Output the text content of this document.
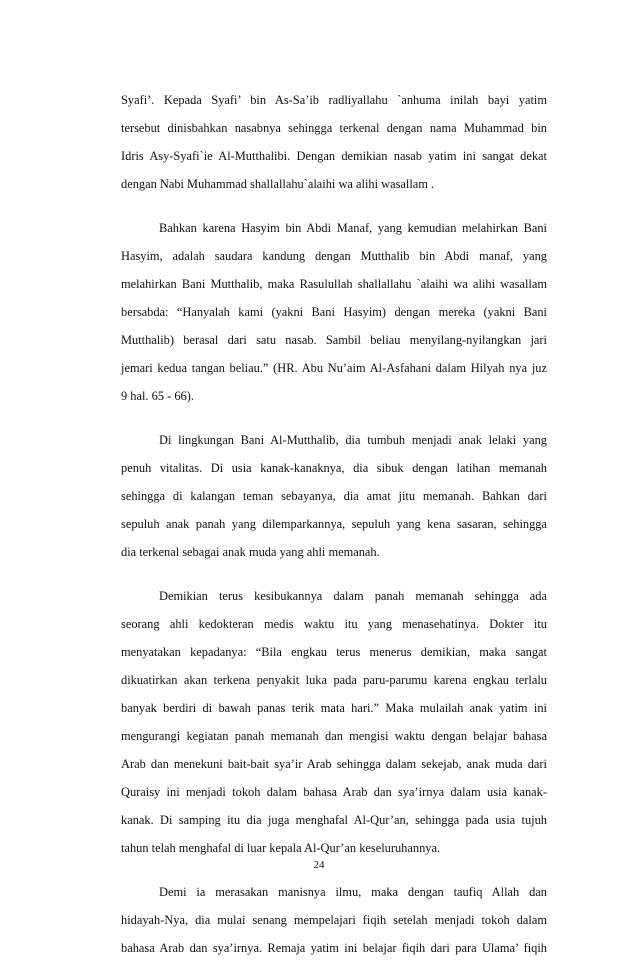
Syafi’. Kepada Syafi’ bin As-Sa’ib radliyallahu `anhuma inilah bayi yatim
tersebut dinisbahkan nasabnya sehingga terkenal dengan nama Muhammad bin
Idris Asy-Syafi`ie Al-Mutthalibi. Dengan demikian nasab yatim ini sangat dekat
dengan Nabi Muhammad shallallahu`alaihi wa alihi wasallam .

Bahkan karena Hasyim bin Abdi Manaf, yang kemudian melahirkan Bani
Hasyim, adalah saudara kandung dengan Mutthalib bin Abdi manaf, yang
melahirkan Bani Mutthalib, maka Rasulullah shallallahu `alaihi wa alihi wasallam
bersabda: “Hanyalah kami (yakni Bani Hasyim) dengan mereka (yakni Bani
Mutthalib) berasal dari satu nasab. Sambil beliau menyilang-nyilangkan jari
jemari kedua tangan beliau.” (HR. Abu Nu’aim Al-Asfahani dalam Hilyah nya juz
9 hal. 65 - 66).

Di lingkungan Bani Al-Mutthalib, dia tumbuh menjadi anak lelaki yang
penuh vitalitas. Di usia kanak-kanaknya, dia sibuk dengan latihan memanah
sehingga di kalangan teman sebayanya, dia amat jitu memanah. Bahkan dari
sepuluh anak panah yang dilemparkannya, sepuluh yang kena sasaran, sehingga
dia terkenal sebagai anak muda yang ahli memanah.

Demikian terus kesibukannya dalam panah memanah sehingga ada
seorang ahli kedokteran medis waktu itu yang menasehatinya. Dokter itu
menyatakan kepadanya: “Bila engkau terus menerus demikian, maka sangat
dikuatirkan akan terkena penyakit luka pada paru-parumu karena engkau terlalu
banyak berdiri di bawah panas terik mata hari.” Maka mulailah anak yatim ini
mengurangi kegiatan panah memanah dan mengisi waktu dengan belajar bahasa
Arab dan menekuni bait-bait sya’ir Arab sehingga dalam sekejab, anak muda dari
Quraisy ini menjadi tokoh dalam bahasa Arab dan sya’irnya dalam usia kanak-
kanak. Di samping itu dia juga menghafal Al-Qur’an, sehingga pada usia tujuh
tahun telah menghafal di luar kepala Al-Qur’an keseluruhannya.

Demi ia merasakan manisnya ilmu, maka dengan taufiq Allah dan
hidayah-Nya, dia mulai senang mempelajari fiqih setelah menjadi tokoh dalam
bahasa Arab dan sya’irnya. Remaja yatim ini belajar fiqih dari para Ulama’ fiqih

24
